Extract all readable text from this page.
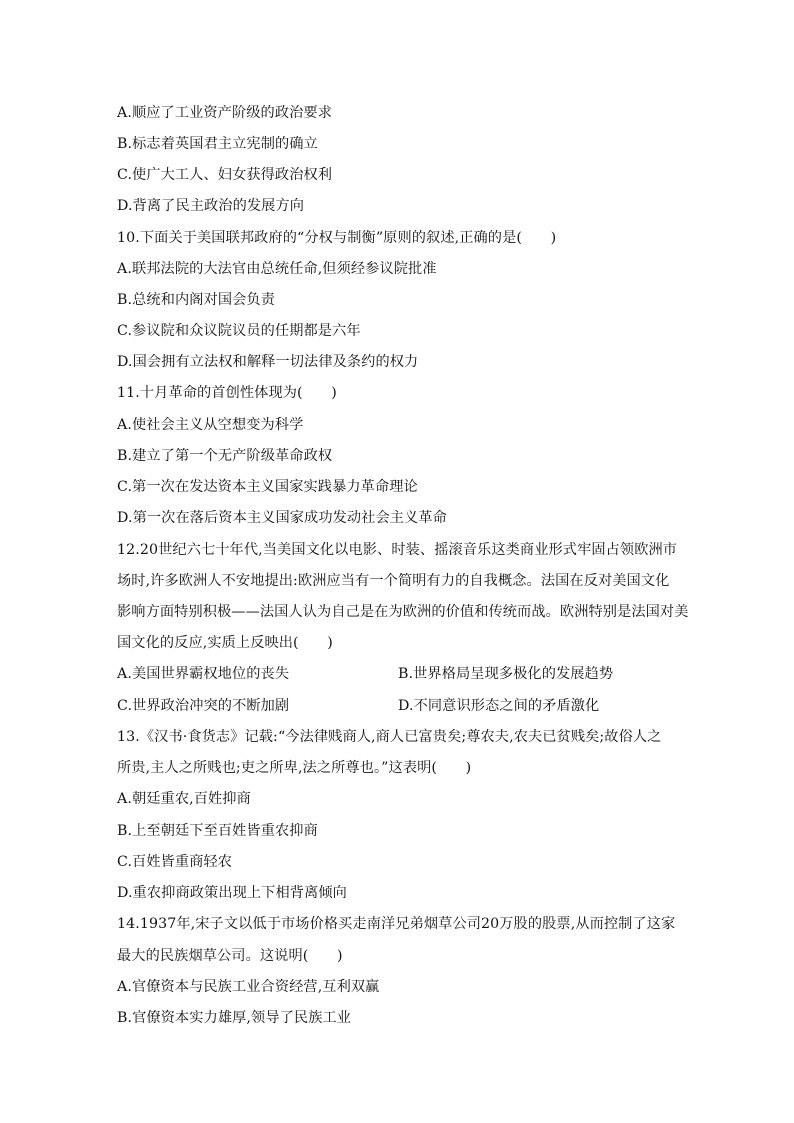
A.顺应了工业资产阶级的政治要求
B.标志着英国君主立宪制的确立
C.使广大工人、妇女获得政治权利
D.背离了民主政治的发展方向
10.下面关于美国联邦政府的“分权与制衡”原则的叙述,正确的是(　　)
A.联邦法院的大法官由总统任命,但须经参议院批准
B.总统和内阁对国会负责
C.参议院和众议院议员的任期都是六年
D.国会拥有立法权和解释一切法律及条约的权力
11.十月革命的首创性体现为(　　)
A.使社会主义从空想变为科学
B.建立了第一个无产阶级革命政权
C.第一次在发达资本主义国家实践暴力革命理论
D.第一次在落后资本主义国家成功发动社会主义革命
12.20世纪六七十年代,当美国文化以电影、时装、摇滚音乐这类商业形式牢固占领欧洲市
场时,许多欧洲人不安地提出:欧洲应当有一个简明有力的自我概念。法国在反对美国文化
影响方面特别积极——法国人认为自己是在为欧洲的价值和传统而战。欧洲特别是法国对美
国文化的反应,实质上反映出(　　)
A.美国世界霸权地位的丧失	B.世界格局呈现多极化的发展趋势
C.世界政治冲突的不断加剧	D.不同意识形态之间的矛盾激化
13.《汉书·食货志》记载:“今法律贱商人,商人已富贵矣;尊农夫,农夫已贫贱矣;故俗人之
所贵,主人之所贱也;吏之所卑,法之所尊也。”这表明(　　)
A.朝廷重农,百姓抑商
B.上至朝廷下至百姓皆重农抑商
C.百姓皆重商轻农
D.重农抑商政策出现上下相背离倾向
14.1937年,宋子文以低于市场价格买走南洋兄弟烟草公司20万股的股票,从而控制了这家
最大的民族烟草公司。这说明(　　)
A.官僚资本与民族工业合资经营,互利双赢
B.官僚资本实力雄厚,领导了民族工业
